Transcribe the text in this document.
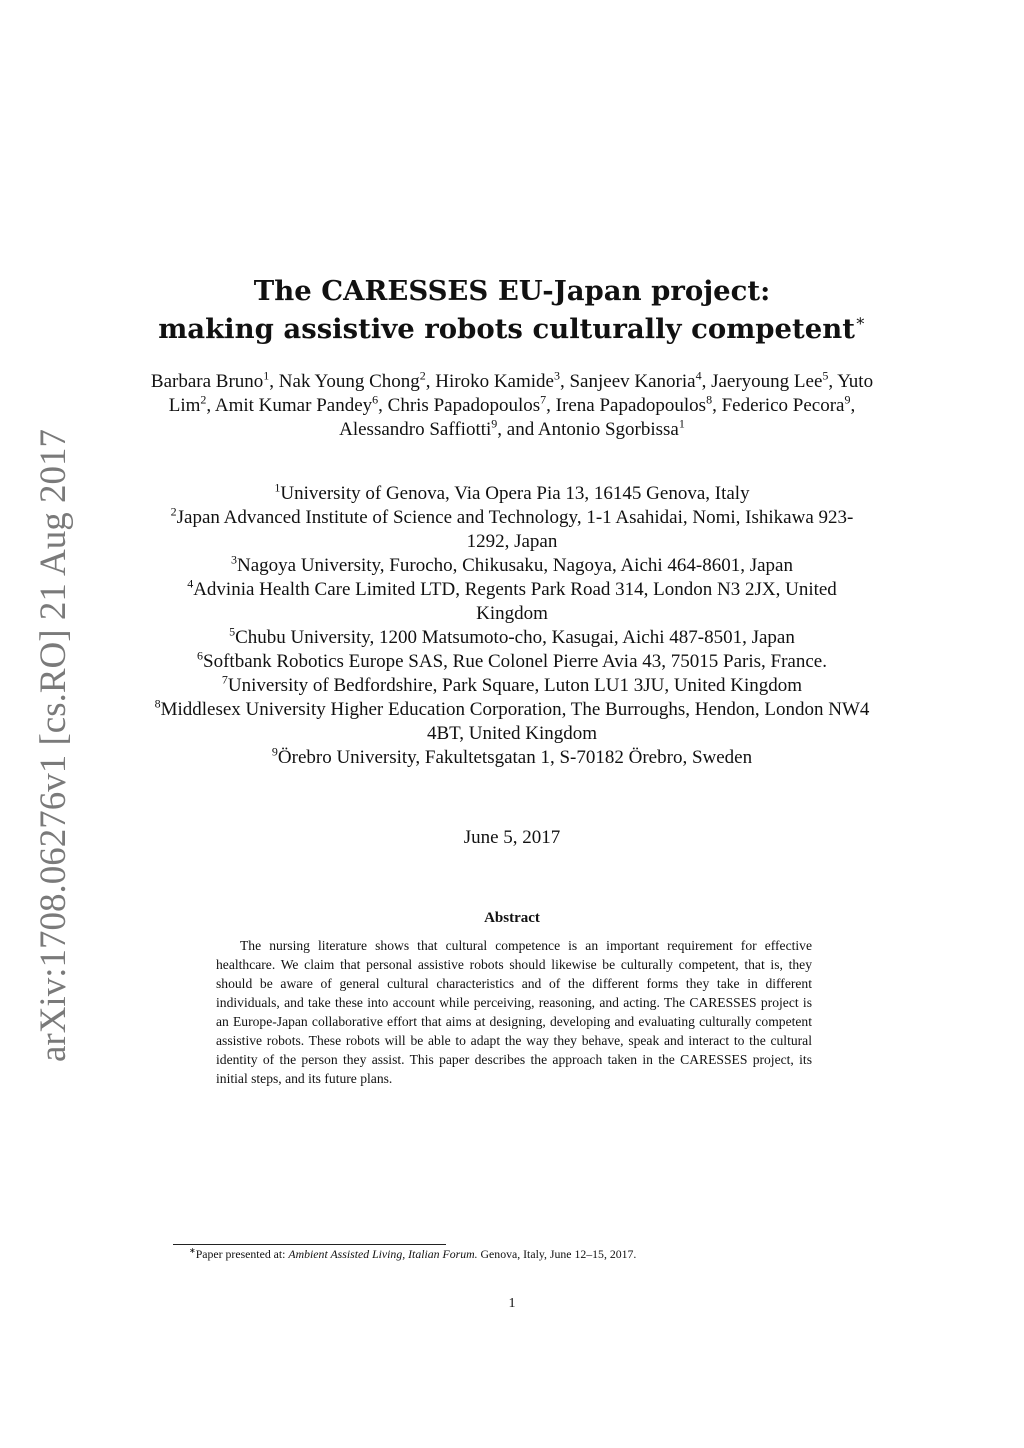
arXiv:1708.06276v1 [cs.RO] 21 Aug 2017
The CARESSES EU-Japan project:
making assistive robots culturally competent∗
Barbara Bruno$^1$, Nak Young Chong$^2$, Hiroko Kamide$^3$, Sanjeev Kanoria$^4$, Jaeryoung Lee$^5$, Yuto Lim$^2$, Amit Kumar Pandey$^6$, Chris Papadopoulos$^7$, Irena Papadopoulos$^8$, Federico Pecora$^9$, Alessandro Saffiotti$^9$, and Antonio Sgorbissa$^1$
$^1$University of Genova, Via Opera Pia 13, 16145 Genova, Italy
$^2$Japan Advanced Institute of Science and Technology, 1-1 Asahidai, Nomi, Ishikawa 923-1292, Japan
$^3$Nagoya University, Furocho, Chikusaku, Nagoya, Aichi 464-8601, Japan
$^4$Advinia Health Care Limited LTD, Regents Park Road 314, London N3 2JX, United Kingdom
$^5$Chubu University, 1200 Matsumoto-cho, Kasugai, Aichi 487-8501, Japan
$^6$Softbank Robotics Europe SAS, Rue Colonel Pierre Avia 43, 75015 Paris, France.
$^7$University of Bedfordshire, Park Square, Luton LU1 3JU, United Kingdom
$^8$Middlesex University Higher Education Corporation, The Burroughs, Hendon, London NW4 4BT, United Kingdom
$^9$Örebro University, Fakultetsgatan 1, S-70182 Örebro, Sweden
June 5, 2017
Abstract
The nursing literature shows that cultural competence is an important requirement for effective healthcare. We claim that personal assistive robots should likewise be culturally competent, that is, they should be aware of general cultural characteristics and of the different forms they take in different individuals, and take these into account while perceiving, reasoning, and acting. The CARESSES project is an Europe-Japan collaborative effort that aims at designing, developing and evaluating culturally competent assistive robots. These robots will be able to adapt the way they behave, speak and interact to the cultural identity of the person they assist. This paper describes the approach taken in the CARESSES project, its initial steps, and its future plans.
∗Paper presented at: Ambient Assisted Living, Italian Forum. Genova, Italy, June 12–15, 2017.
1
